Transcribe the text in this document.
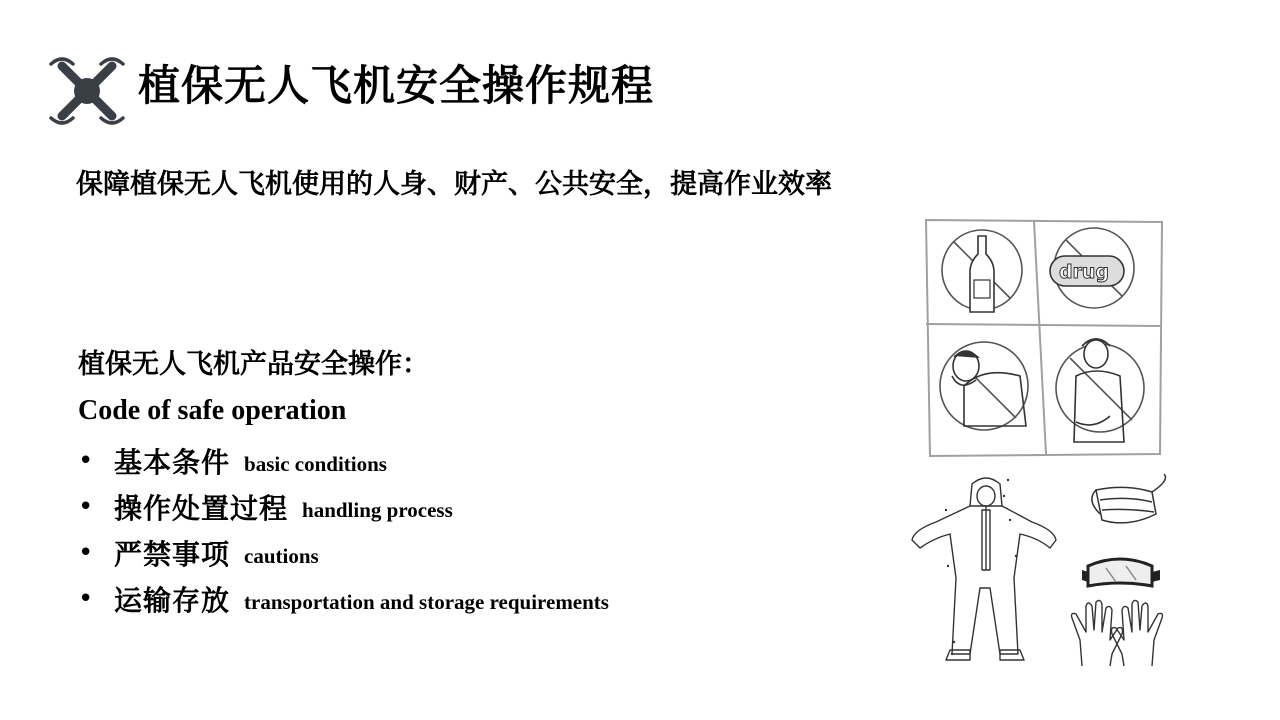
植保无人飞机安全操作规程
保障植保无人飞机使用的人身、财产、公共安全，提高作业效率
植保无人飞机产品安全操作：
Code of safe operation
• 基本条件 basic conditions
• 操作处置过程 handling process
• 严禁事项 cautions
• 运输存放 transportation and storage requirements
drug
